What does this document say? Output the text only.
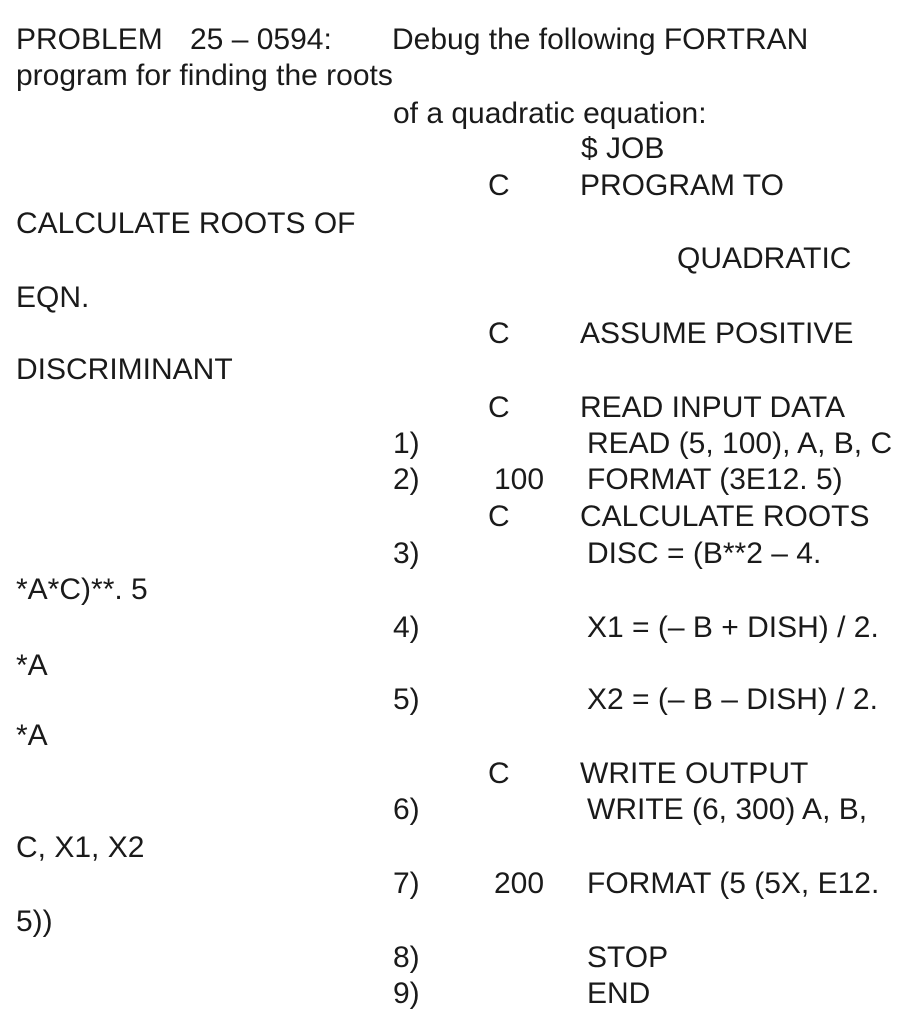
PROBLEM 25 – 0594: Debug the following FORTRAN

program for finding the roots

of a quadratic equation:

$ JOB

C PROGRAM TO

CALCULATE ROOTS OF

QUADRATIC

EQN.

C ASSUME POSITIVE

DISCRIMINANT

C READ INPUT DATA

1)	READ (5, 100), A, B, C

2) 100 FORMAT (3E12. 5)

C CALCULATE ROOTS

3)	DISC = (B**2 – 4.

*A*C)**. 5

4)	X1 = (– B + DISH) / 2.

*A

5)	X2 = (– B – DISH) / 2.

*A

C WRITE OUTPUT

6)	WRITE (6, 300) A, B,

C, X1, X2

7) 200 FORMAT (5 (5X, E12.

5))

8)	STOP

9)	END
